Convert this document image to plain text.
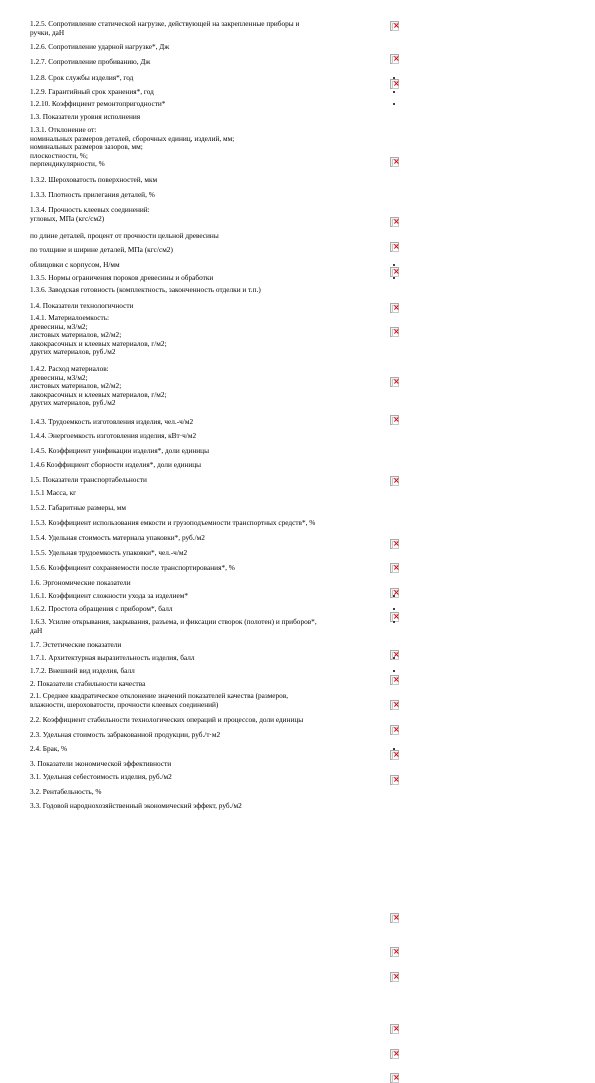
1.2.5. Сопротивление статической нагрузке, действующей на закрепленные приборы и
ручки, даН
×
1.2.6. Сопротивление ударной нагрузке*, Дж
×
1.2.7. Сопротивление пробиванию, Дж
×
1.2.8. Срок службы изделия*, год
1.2.9. Гарантийный срок хранения*, год
1.2.10. Коэффициент ремонтопригодности*
1.3. Показатели уровня исполнения
1.3.1. Отклонение от:
номинальных размеров деталей, сборочных единиц, изделий, мм;
номинальных размеров зазоров, мм;
плоскостности, %;
перпендикулярности, %
×
1.3.2. Шероховатость поверхностей, мкм
×
1.3.3. Плотность прилегания деталей, %
×
1.3.4. Прочность клеевых соединений:
угловых, МПа (кгс/см2)
×
по длине деталей, процент от прочности цельной древесины
×
по толщине и ширине деталей, МПа (кгс/см2)
×
облицовки с корпусом, Н/мм
1.3.5. Нормы ограничения пороков древесины и обработки
1.3.6. Заводская готовность (комплектность, законченность отделки и т.п.)
×
1.4. Показатели технологичности
1.4.1. Материалоемкость:
древесины, м3/м2;
листовых материалов, м2/м2;
лакокрасочных и клеевых материалов, г/м2;
других материалов, руб./м2
×
1.4.2. Расход материалов:
древесины, м3/м2;
листовых материалов, м2/м2;
лакокрасочных и клеевых материалов, г/м2;
других материалов, руб./м2
×
1.4.3. Трудоемкость изготовления изделия, чел.-ч/м2
×
1.4.4. Энергоемкость изготовления изделия, кВт·ч/м2
×
1.4.5. Коэффициент унификации изделия*, доли единицы
×
1.4.6 Коэффициент сборности изделия*, доли единицы
×
1.5. Показатели транспортабельности
1.5.1 Масса, кг
×
1.5.2. Габаритные размеры, мм
×
1.5.3. Коэффициент использования емкости и грузоподъемности транспортных средств*, %
×
1.5.4. Удельная стоимость материала упаковки*, руб./м2
×
1.5.5. Удельная трудоемкость упаковки*, чел.-ч/м2
×
1.5.6. Коэффициент сохраняемости после транспортирования*, %
×
1.6. Эргономические показатели
1.6.1. Коэффициент сложности ухода за изделием*
1.6.2. Простота обращения с прибором*, балл
1.6.3. Усилие открывания, закрывания, разъема, и фиксации створок (полотен) и приборов*,
даН
1.7. Эстетические показатели
1.7.1. Архитектурная выразительность изделия, балл
1.7.2. Внешний вид изделия, балл
2. Показатели стабильности качества
2.1. Среднее квадратическое отклонение значений показателей качества (размеров,
влажности, шероховатости, прочности клеевых соединений)
×
2.2. Коэффициент стабильности технологических операций и процессов, доли единицы
×
2.3. Удельная стоимость забракованной продукции, руб./т·м2
×
2.4. Брак, %
3. Показатели экономической эффективности
3.1. Удельная себестоимость изделия, руб./м2
×
3.2. Рентабельность, %
×
3.3. Годовой народнохозяйственный экономический эффект, руб./м2
×
